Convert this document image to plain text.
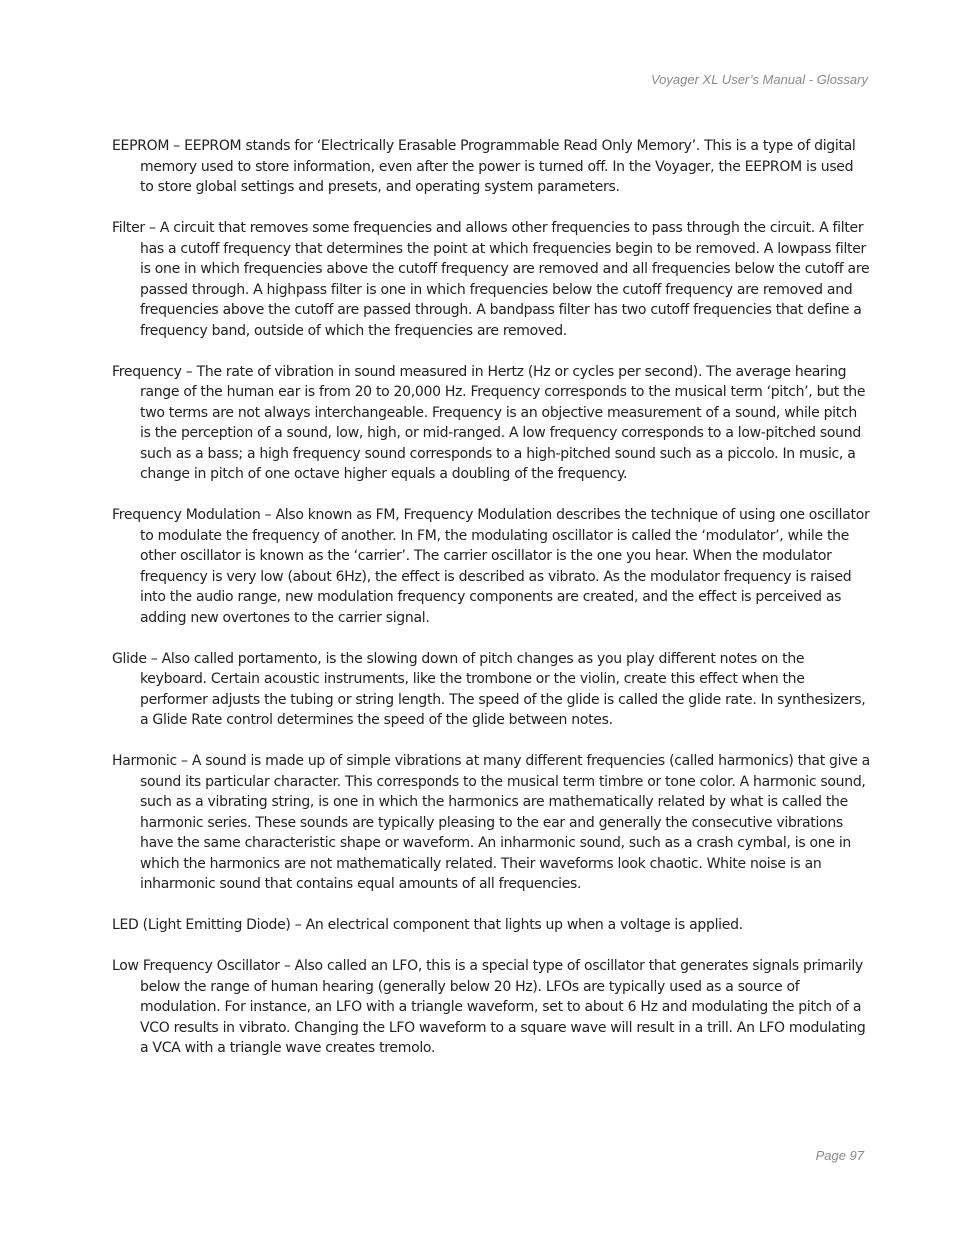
Voyager XL User’s Manual - Glossary

EEPROM – EEPROM stands for ‘Electrically Erasable Programmable Read Only Memory’. This is a type of digital memory used to store information, even after the power is turned off. In the Voyager, the EEPROM is used to store global settings and presets, and operating system parameters.

Filter – A circuit that removes some frequencies and allows other frequencies to pass through the circuit. A filter has a cutoff frequency that determines the point at which frequencies begin to be removed. A lowpass filter is one in which frequencies above the cutoff frequency are removed and all frequencies below the cutoff are passed through. A highpass filter is one in which frequencies below the cutoff frequency are removed and frequencies above the cutoff are passed through. A bandpass filter has two cutoff frequencies that define a frequency band, outside of which the frequencies are removed.

Frequency – The rate of vibration in sound measured in Hertz (Hz or cycles per second). The average hearing range of the human ear is from 20 to 20,000 Hz. Frequency corresponds to the musical term ‘pitch’, but the two terms are not always interchangeable. Frequency is an objective measurement of a sound, while pitch is the perception of a sound, low, high, or mid-ranged. A low frequency corresponds to a low-pitched sound such as a bass; a high frequency sound corresponds to a high-pitched sound such as a piccolo. In music, a change in pitch of one octave higher equals a doubling of the frequency.

Frequency Modulation – Also known as FM, Frequency Modulation describes the technique of using one oscillator to modulate the frequency of another. In FM, the modulating oscillator is called the ‘modulator’, while the other oscillator is known as the ‘carrier’. The carrier oscillator is the one you hear. When the modulator frequency is very low (about 6Hz), the effect is described as vibrato. As the modulator frequency is raised into the audio range, new modulation frequency components are created, and the effect is perceived as adding new overtones to the carrier signal.

Glide – Also called portamento, is the slowing down of pitch changes as you play different notes on the keyboard. Certain acoustic instruments, like the trombone or the violin, create this effect when the performer adjusts the tubing or string length. The speed of the glide is called the glide rate. In synthesizers, a Glide Rate control determines the speed of the glide between notes.

Harmonic – A sound is made up of simple vibrations at many different frequencies (called harmonics) that give a sound its particular character. This corresponds to the musical term timbre or tone color. A harmonic sound, such as a vibrating string, is one in which the harmonics are mathematically related by what is called the harmonic series. These sounds are typically pleasing to the ear and generally the consecutive vibrations have the same characteristic shape or waveform. An inharmonic sound, such as a crash cymbal, is one in which the harmonics are not mathematically related. Their waveforms look chaotic. White noise is an inharmonic sound that contains equal amounts of all frequencies.

LED (Light Emitting Diode) – An electrical component that lights up when a voltage is applied.

Low Frequency Oscillator – Also called an LFO, this is a special type of oscillator that generates signals primarily below the range of human hearing (generally below 20 Hz). LFOs are typically used as a source of modulation. For instance, an LFO with a triangle waveform, set to about 6 Hz and modulating the pitch of a VCO results in vibrato. Changing the LFO waveform to a square wave will result in a trill. An LFO modulating a VCA with a triangle wave creates tremolo.

Page 97
